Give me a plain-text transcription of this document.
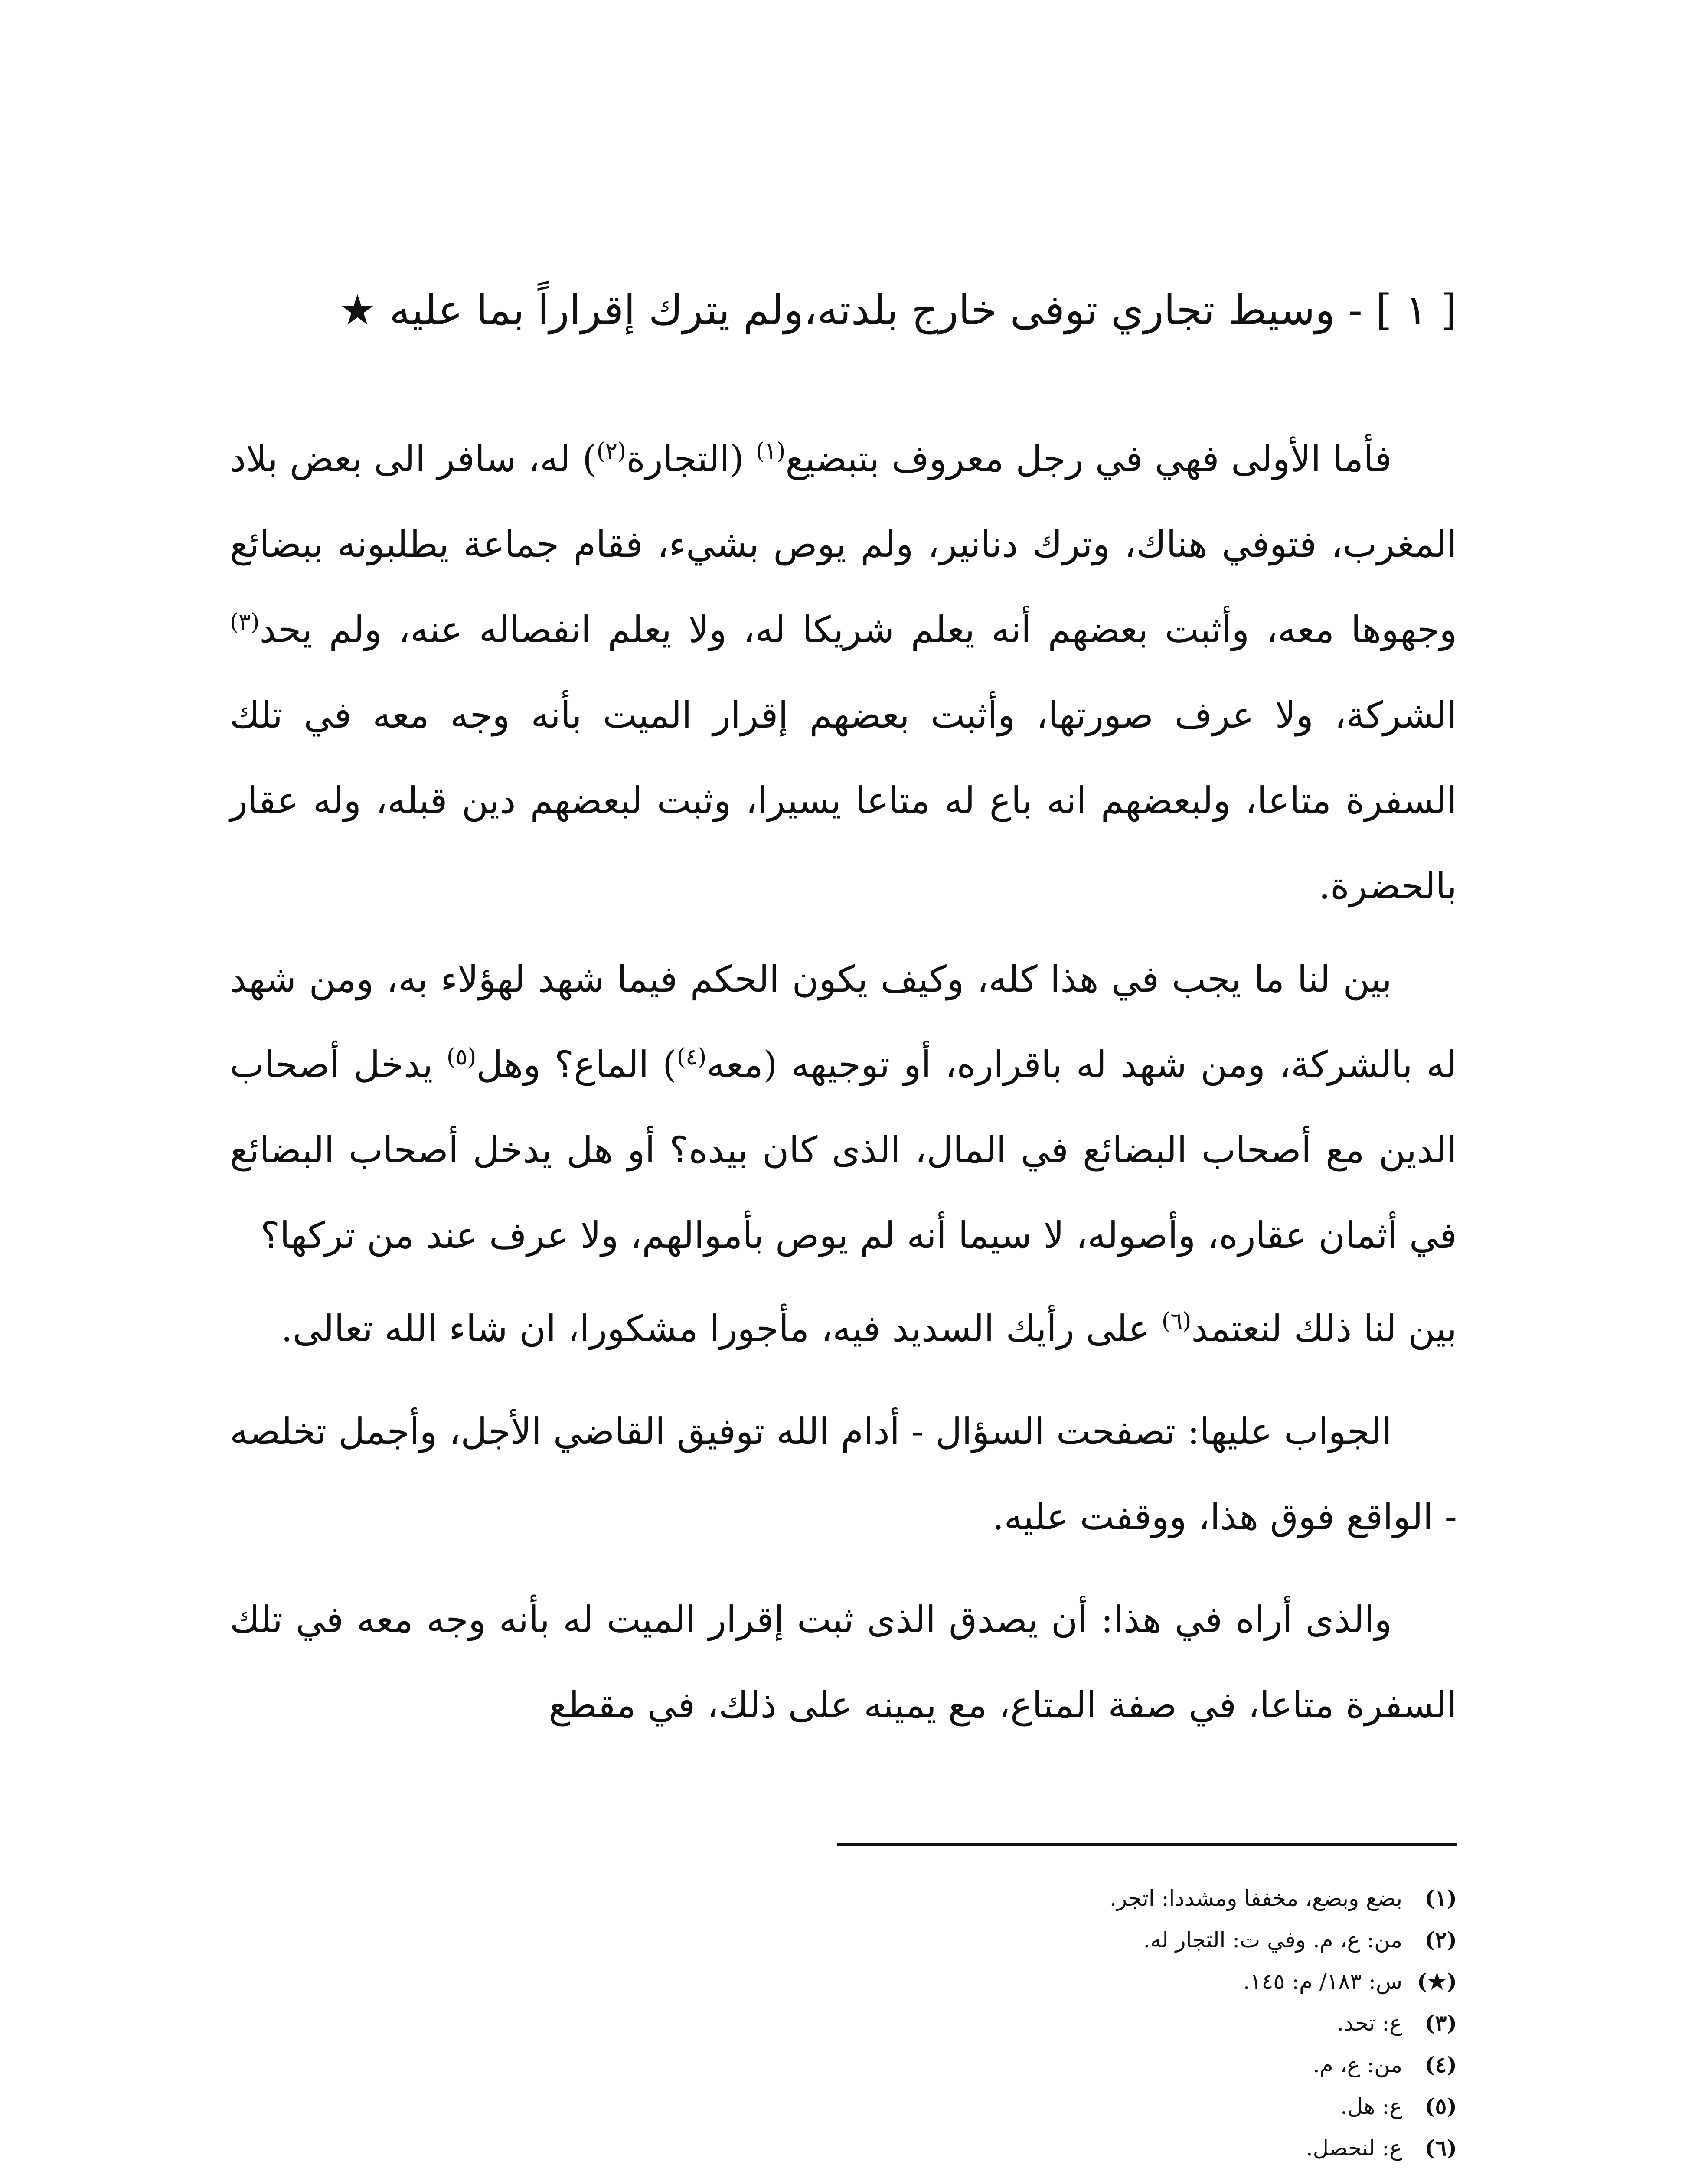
[ ١ ] - وسيط تجاري توفى خارج بلدته،ولم يترك إقراراً بما عليه ★

فأما الأولى فهي في رجل معروف بتبضيع$^{(١)}$ (التجارة$^{(٢)}$) له، سافر الى بعض بلاد المغرب، فتوفي هناك، وترك دنانير، ولم يوص بشيء، فقام جماعة يطلبونه ببضائع وجهوها معه، وأثبت بعضهم أنه يعلم شريكا له، ولا يعلم انفصاله عنه، ولم يحد$^{(٣)}$ الشركة، ولا عرف صورتها، وأثبت بعضهم إقرار الميت بأنه وجه معه في تلك السفرة متاعا، ولبعضهم انه باع له متاعا يسيرا، وثبت لبعضهم دين قبله، وله عقار بالحضرة.

بين لنا ما يجب في هذا كله، وكيف يكون الحكم فيما شهد لهؤلاء به، ومن شهد له بالشركة، ومن شهد له باقراره، أو توجيهه (معه$^{(٤)}$) الماع؟ وهل$^{(٥)}$ يدخل أصحاب الدين مع أصحاب البضائع في المال، الذى كان بيده؟ أو هل يدخل أصحاب البضائع في أثمان عقاره، وأصوله، لا سيما أنه لم يوص بأموالهم، ولا عرف عند من تركها؟

بين لنا ذلك لنعتمد$^{(٦)}$ على رأيك السديد فيه، مأجورا مشكورا، ان شاء الله تعالى.

الجواب عليها: تصفحت السؤال - أدام الله توفيق القاضي الأجل، وأجمل تخلصه - الواقع فوق هذا، ووقفت عليه.

والذى أراه في هذا: أن يصدق الذى ثبت إقرار الميت له بأنه وجه معه في تلك السفرة متاعا، في صفة المتاع، مع يمينه على ذلك، في مقطع

(١)بضع وبضع، مخففا ومشددا: اتجر.
(٢)من: ع، م. وفي ت: التجار له.
(★)س: ١٨٣/ م: ١٤٥.
(٣)ع: تحد.
(٤)من: ع، م.
(٥)ع: هل.
(٦)ع: لنحصل.
